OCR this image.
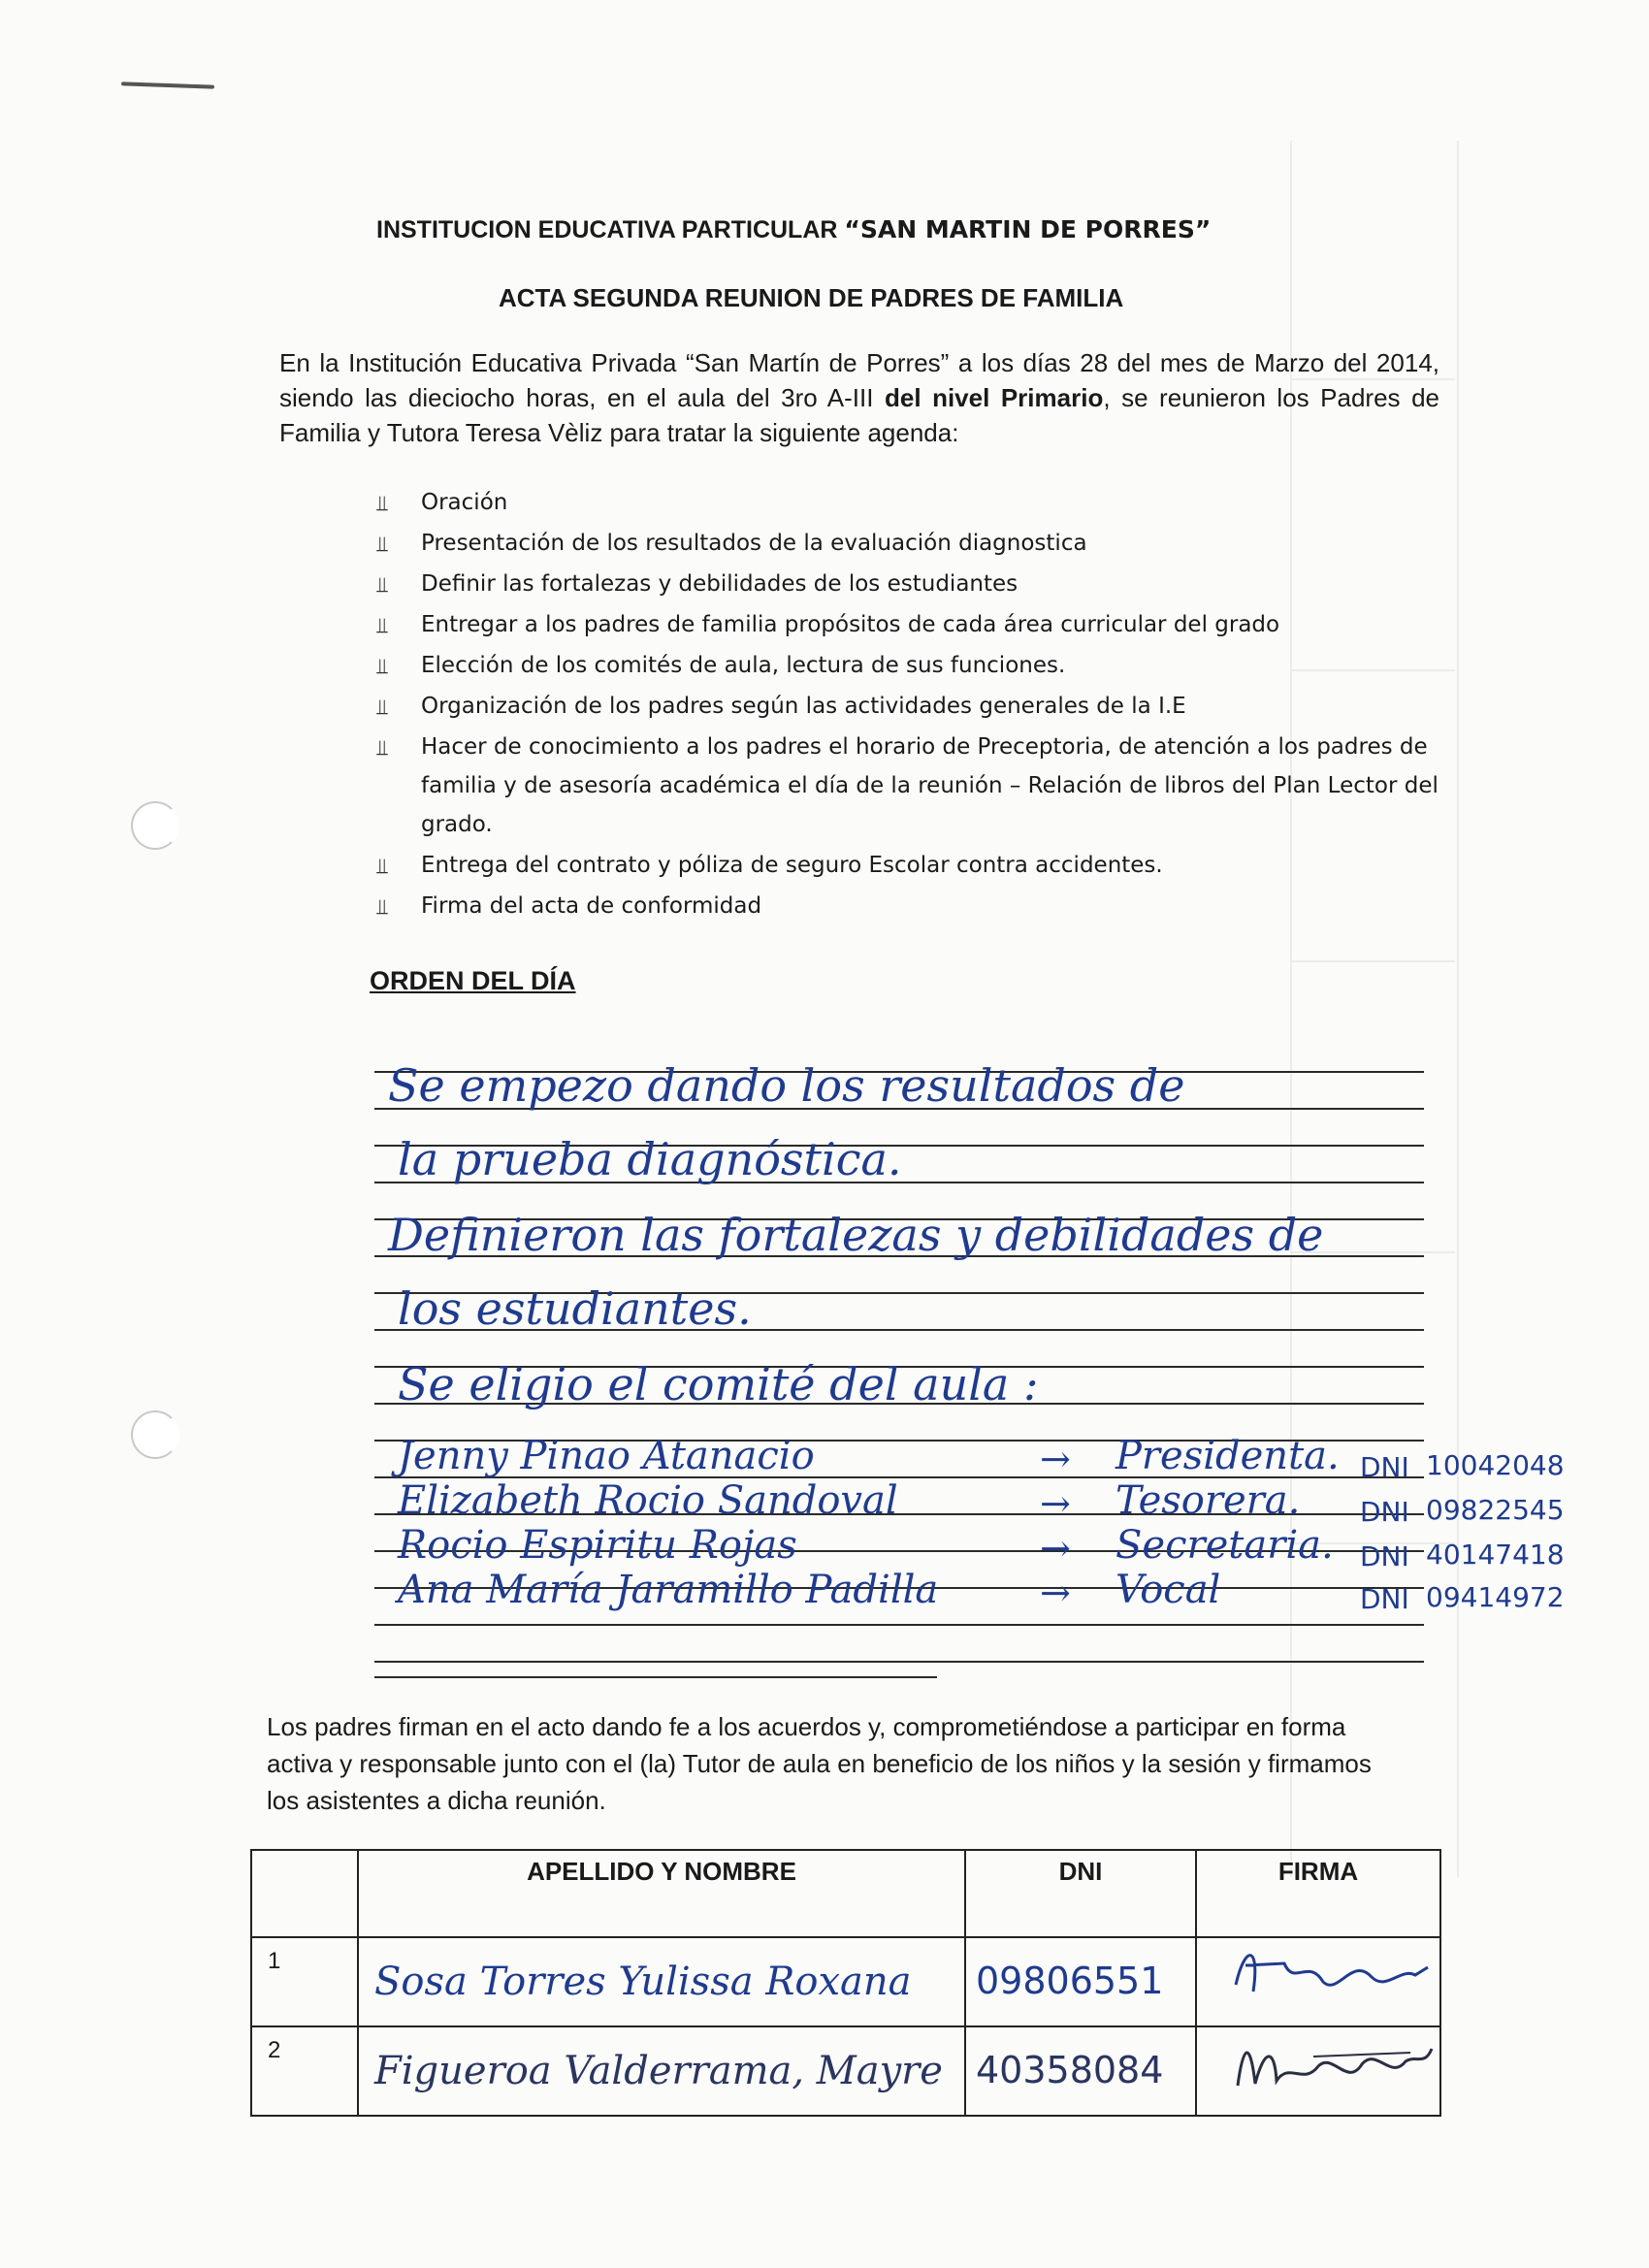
INSTITUCION EDUCATIVA PARTICULAR “SAN MARTIN DE PORRES”
ACTA SEGUNDA REUNION DE PADRES DE FAMILIA
En la Institución Educativa Privada “San Martín de Porres” a los días 28 del mes de Marzo del 2014, siendo las dieciocho horas, en el aula del 3ro A-III del nivel Primario, se reunieron los Padres de Familia y Tutora Teresa Vèliz para tratar la siguiente agenda:
⫫ Oración
⫫ Presentación de los resultados de la evaluación diagnostica
⫫ Definir las fortalezas y debilidades de los estudiantes
⫫ Entregar a los padres de familia propósitos de cada área curricular del grado
⫫ Elección de los comités de aula, lectura de sus funciones.
⫫ Organización de los padres según las actividades generales de la I.E
⫫ Hacer de conocimiento a los padres el horario de Preceptoria, de atención a los padres de familia y de asesoría académica el día de la reunión – Relación de libros del Plan Lector del grado.
⫫ Entrega del contrato y póliza de seguro Escolar contra accidentes.
⫫ Firma del acta de conformidad
ORDEN DEL DÍA
Se empezo dando los resultados de
la prueba diagnóstica.
Definieron las fortalezas y debilidades de
los estudiantes.
Se eligio el comité del aula :
Jenny Pinao Atanacio	→ Presidenta. DNI 10042048
Elizabeth Rocio Sandoval	→ Tesorera. DNI 09822545
Rocio Espiritu Rojas	→ Secretaria. DNI 40147418
Ana María Jaramillo Padilla	→ Vocal	DNI 09414972
Los padres firman en el acto dando fe a los acuerdos y, comprometiéndose a participar en forma activa y responsable junto con el (la) Tutor de aula en beneficio de los niños y la sesión y firmamos los asistentes a dicha reunión.
	APELLIDO Y NOMBRE	DNI	FIRMA
1	Sosa Torres Yulissa Roxana	09806551

2	Figueroa Valderrama, Mayre	40358084
